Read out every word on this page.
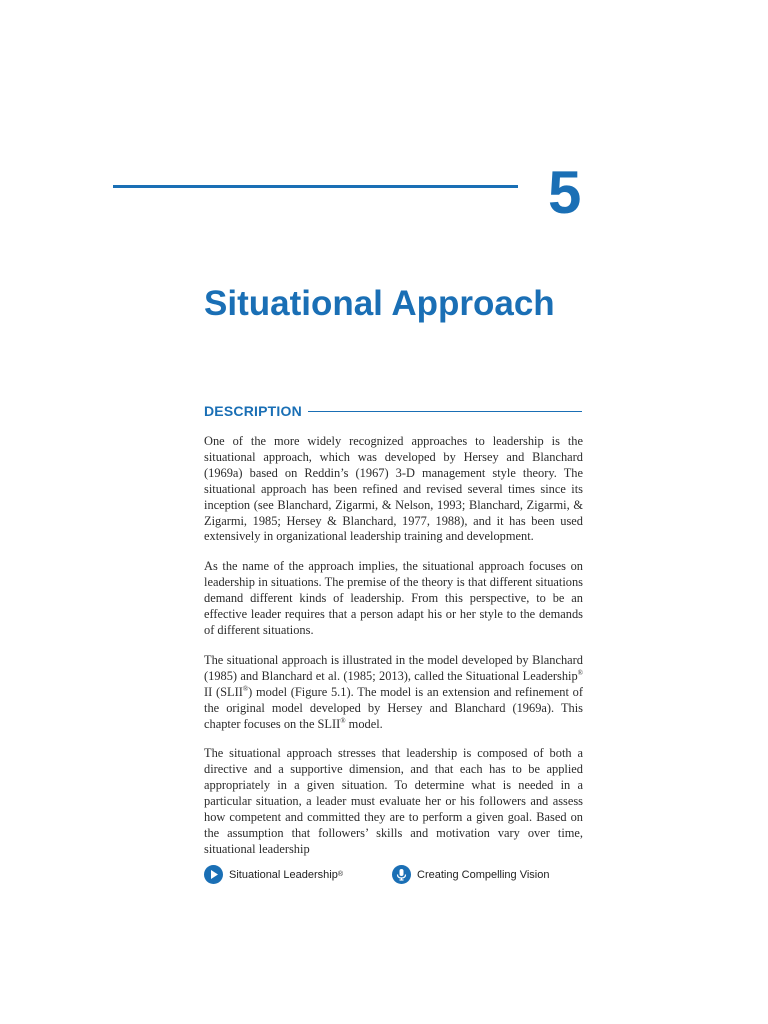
5
Situational Approach
DESCRIPTION

One of the more widely recognized approaches to leadership is the situational approach, which was developed by Hersey and Blanchard (1969a) based on Reddin’s (1967) 3-D management style theory. The situational approach has been refined and revised several times since its inception (see Blanchard, Zigarmi, & Nelson, 1993; Blanchard, Zigarmi, & Zigarmi, 1985; Hersey & Blanchard, 1977, 1988), and it has been used extensively in organizational leadership training and development.

As the name of the approach implies, the situational approach focuses on leadership in situations. The premise of the theory is that different situations demand different kinds of leadership. From this perspective, to be an effective leader requires that a person adapt his or her style to the demands of different situations.

The situational approach is illustrated in the model developed by Blanchard (1985) and Blanchard et al. (1985; 2013), called the Situational Leadership® II (SLII®) model (Figure 5.1). The model is an extension and refinement of the original model developed by Hersey and Blanchard (1969a). This chapter focuses on the SLII® model.

The situational approach stresses that leadership is composed of both a directive and a supportive dimension, and that each has to be applied appropriately in a given situation. To determine what is needed in a particular situation, a leader must evaluate her or his followers and assess how competent and committed they are to perform a given goal. Based on the assumption that followers’ skills and motivation vary over time, situational leadership

Situational Leadership ®	Creating Compelling Vision
